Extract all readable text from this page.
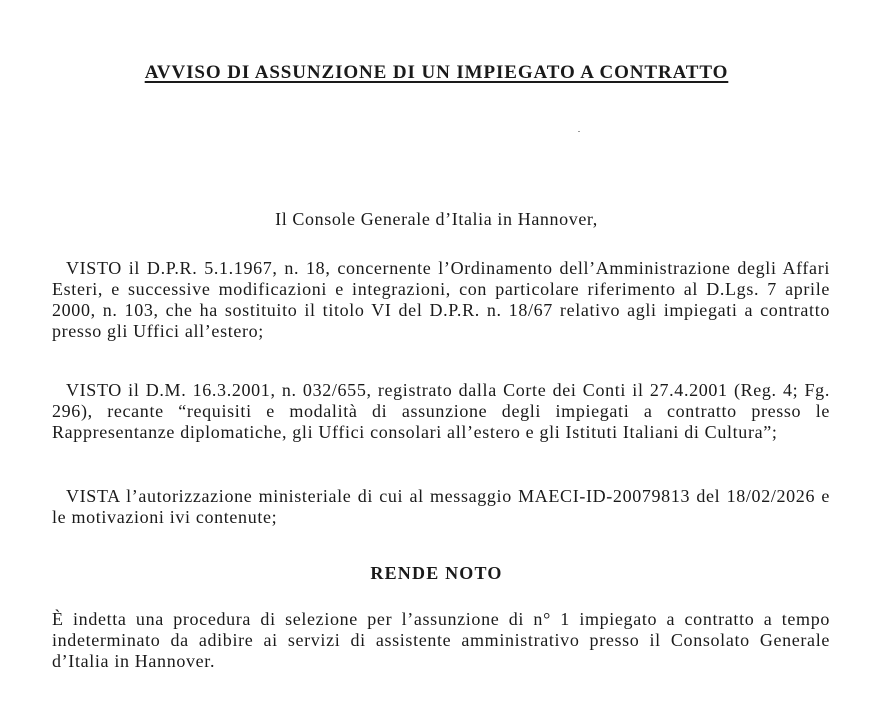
AVVISO DI ASSUNZIONE DI UN IMPIEGATO A CONTRATTO

Il Console Generale d’Italia in Hannover,

VISTO il D.P.R. 5.1.1967, n. 18, concernente l’Ordinamento dell’Amministrazione degli Affari Esteri, e successive modificazioni e integrazioni, con particolare riferimento al D.Lgs. 7 aprile 2000, n. 103, che ha sostituito il titolo VI del D.P.R. n. 18/67 relativo agli impiegati a contratto presso gli Uffici all’estero;

VISTO il D.M. 16.3.2001, n. 032/655, registrato dalla Corte dei Conti il 27.4.2001 (Reg. 4; Fg. 296), recante “requisiti e modalità di assunzione degli impiegati a contratto presso le Rappresentanze diplomatiche, gli Uffici consolari all’estero e gli Istituti Italiani di Cultura”;

VISTA l’autorizzazione ministeriale di cui al messaggio MAECI-ID-20079813 del 18/02/2026 e le motivazioni ivi contenute;

RENDE NOTO

È indetta una procedura di selezione per l’assunzione di n° 1 impiegato a contratto a tempo indeterminato da adibire ai servizi di assistente amministrativo presso il Consolato Generale d’Italia in Hannover.
